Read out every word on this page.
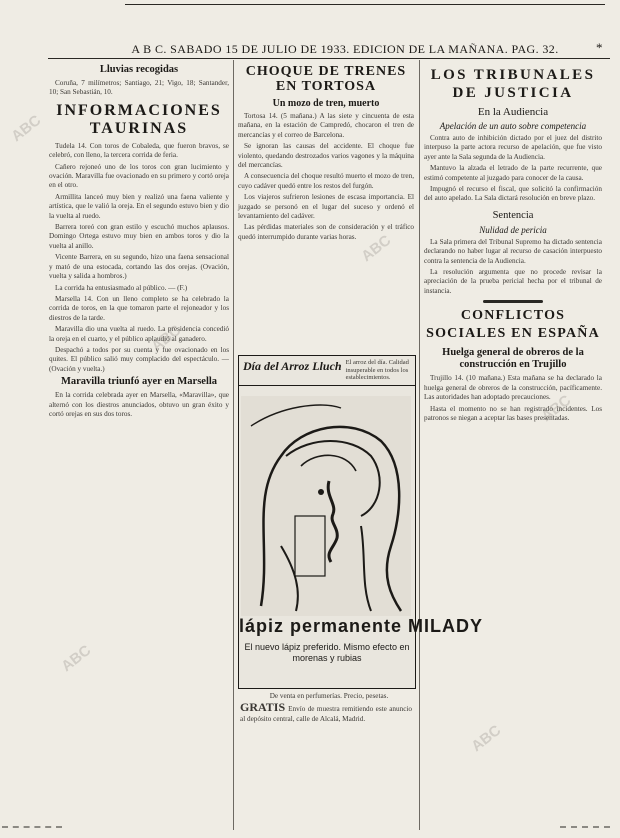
A B C. SABADO 15 DE JULIO DE 1933. EDICION DE LA MAÑANA. PAG. 32.	*
Lluvias recogidas

Coruña, 7 milímetros; Santiago, 21; Vigo, 18; Santander, 10; San Sebastián, 10.

INFORMACIONES TAURINAS

Tudela 14. Con toros de Cobaleda, que fueron bravos, se celebró, con lleno, la tercera corrida de feria.

Cañero rejoneó uno de los toros con gran lucimiento y ovación. Maravilla fue ovacionado en su primero y cortó oreja en el otro.

Armillita lanceó muy bien y realizó una faena valiente y artística, que le valió la oreja. En el segundo estuvo bien y dio la vuelta al ruedo.

Barrera toreó con gran estilo y escuchó muchos aplausos. Domingo Ortega estuvo muy bien en ambos toros y dio la vuelta al anillo.

Vicente Barrera, en su segundo, hizo una faena sensacional y mató de una estocada, cortando las dos orejas. (Ovación, vuelta y salida a hombros.)

La corrida ha entusiasmado al público. — (F.)

Marsella 14. Con un lleno completo se ha celebrado la corrida de toros, en la que tomaron parte el rejoneador y los diestros de la tarde.

Maravilla dio una vuelta al ruedo. La presidencia concedió la oreja en el cuarto, y el público aplaudió al ganadero.

Despachó a todos por su cuenta y fue ovacionado en los quites. El público salió muy complacido del espectáculo. — (Ovación y vuelta.)

Maravilla triunfó ayer en Marsella

En la corrida celebrada ayer en Marsella, «Maravilla», que alternó con los diestros anunciados, obtuvo un gran éxito y cortó orejas en sus dos toros.

CHOQUE DE TRENES EN TORTOSA
Un mozo de tren, muerto

Tortosa 14. (5 mañana.) A las siete y cincuenta de esta mañana, en la estación de Campredó, chocaron el tren de mercancías y el correo de Barcelona.

Se ignoran las causas del accidente. El choque fue violento, quedando destrozados varios vagones y la máquina del mercancías.

A consecuencia del choque resultó muerto el mozo de tren, cuyo cadáver quedó entre los restos del furgón.

Los viajeros sufrieron lesiones de escasa importancia. El juzgado se personó en el lugar del suceso y ordenó el levantamiento del cadáver.

Las pérdidas materiales son de consideración y el tráfico quedó interrumpido durante varias horas.

Día del Arroz Lluch El arroz del día. Calidad insuperable en todos los establecimientos.
lápiz permanente MILADY
El nuevo lápiz preferido. Mismo efecto en morenas y rubias

De venta en perfumerías. Precio, pesetas.

GRATIS Envío de muestra remitiendo este anuncio al depósito central, calle de Alcalá, Madrid.

LOS TRIBUNALES DE JUSTICIA
En la Audiencia
Apelación de un auto sobre competencia

Contra auto de inhibición dictado por el juez del distrito interpuso la parte actora recurso de apelación, que fue visto ayer ante la Sala segunda de la Audiencia.

Mantuvo la alzada el letrado de la parte recurrente, que estimó competente al juzgado para conocer de la causa.

Impugnó el recurso el fiscal, que solicitó la confirmación del auto apelado. La Sala dictará resolución en breve plazo.

Sentencia
Nulidad de pericia

La Sala primera del Tribunal Supremo ha dictado sentencia declarando no haber lugar al recurso de casación interpuesto contra la sentencia de la Audiencia.

La resolución argumenta que no procede revisar la apreciación de la prueba pericial hecha por el tribunal de instancia.

CONFLICTOS SOCIALES EN ESPAÑA
Huelga general de obreros de la construcción en Trujillo

Trujillo 14. (10 mañana.) Esta mañana se ha declarado la huelga general de obreros de la construcción, pacíficamente. Las autoridades han adoptado precauciones.

Hasta el momento no se han registrado incidentes. Los patronos se niegan a aceptar las bases presentadas.

ABC
ABC
ABC
ABC
ABC
ABC
